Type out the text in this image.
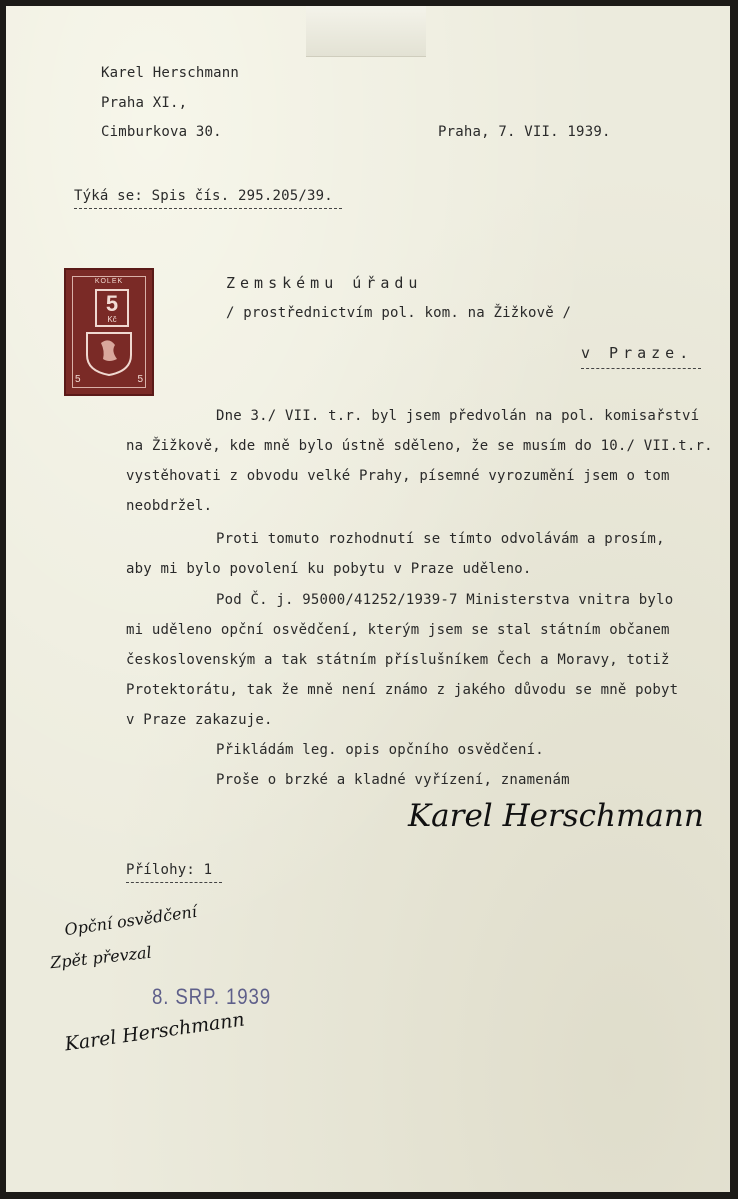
Karel Herschmann
Praha XI.,
Cimburkova 30.	Praha, 7. VII. 1939.
Týká se: Spis čís. 295.205/39.
KOLEK
5
Kč
5	5
Zemskému úřadu
/ prostřednictvím pol. kom. na Žižkově /
v Praze.
Dne 3./ VII. t.r. byl jsem předvolán na pol. komisařství
na Žižkově, kde mně bylo ústně sděleno, že se musím do 10./ VII.t.r.
vystěhovati z obvodu velké Prahy, písemné vyrozumění jsem o tom
neobdržel.
Proti tomuto rozhodnutí se tímto odvolávám a prosím,
aby mi bylo povolení ku pobytu v Praze uděleno.
Pod Č. j. 95000/41252/1939-7 Ministerstva vnitra bylo
mi uděleno opční osvědčení, kterým jsem se stal státním občanem
československým a tak státním příslušníkem Čech a Moravy, totiž
Protektorátu, tak že mně není známo z jakého důvodu se mně pobyt
v Praze zakazuje.
Přikládám leg. opis opčního osvědčení.
Proše o brzké a kladné vyřízení, znamenám
Karel Herschmann
Přílohy: 1
Opční osvědčení
Zpět převzal
8. SRP. 1939
Karel Herschmann
